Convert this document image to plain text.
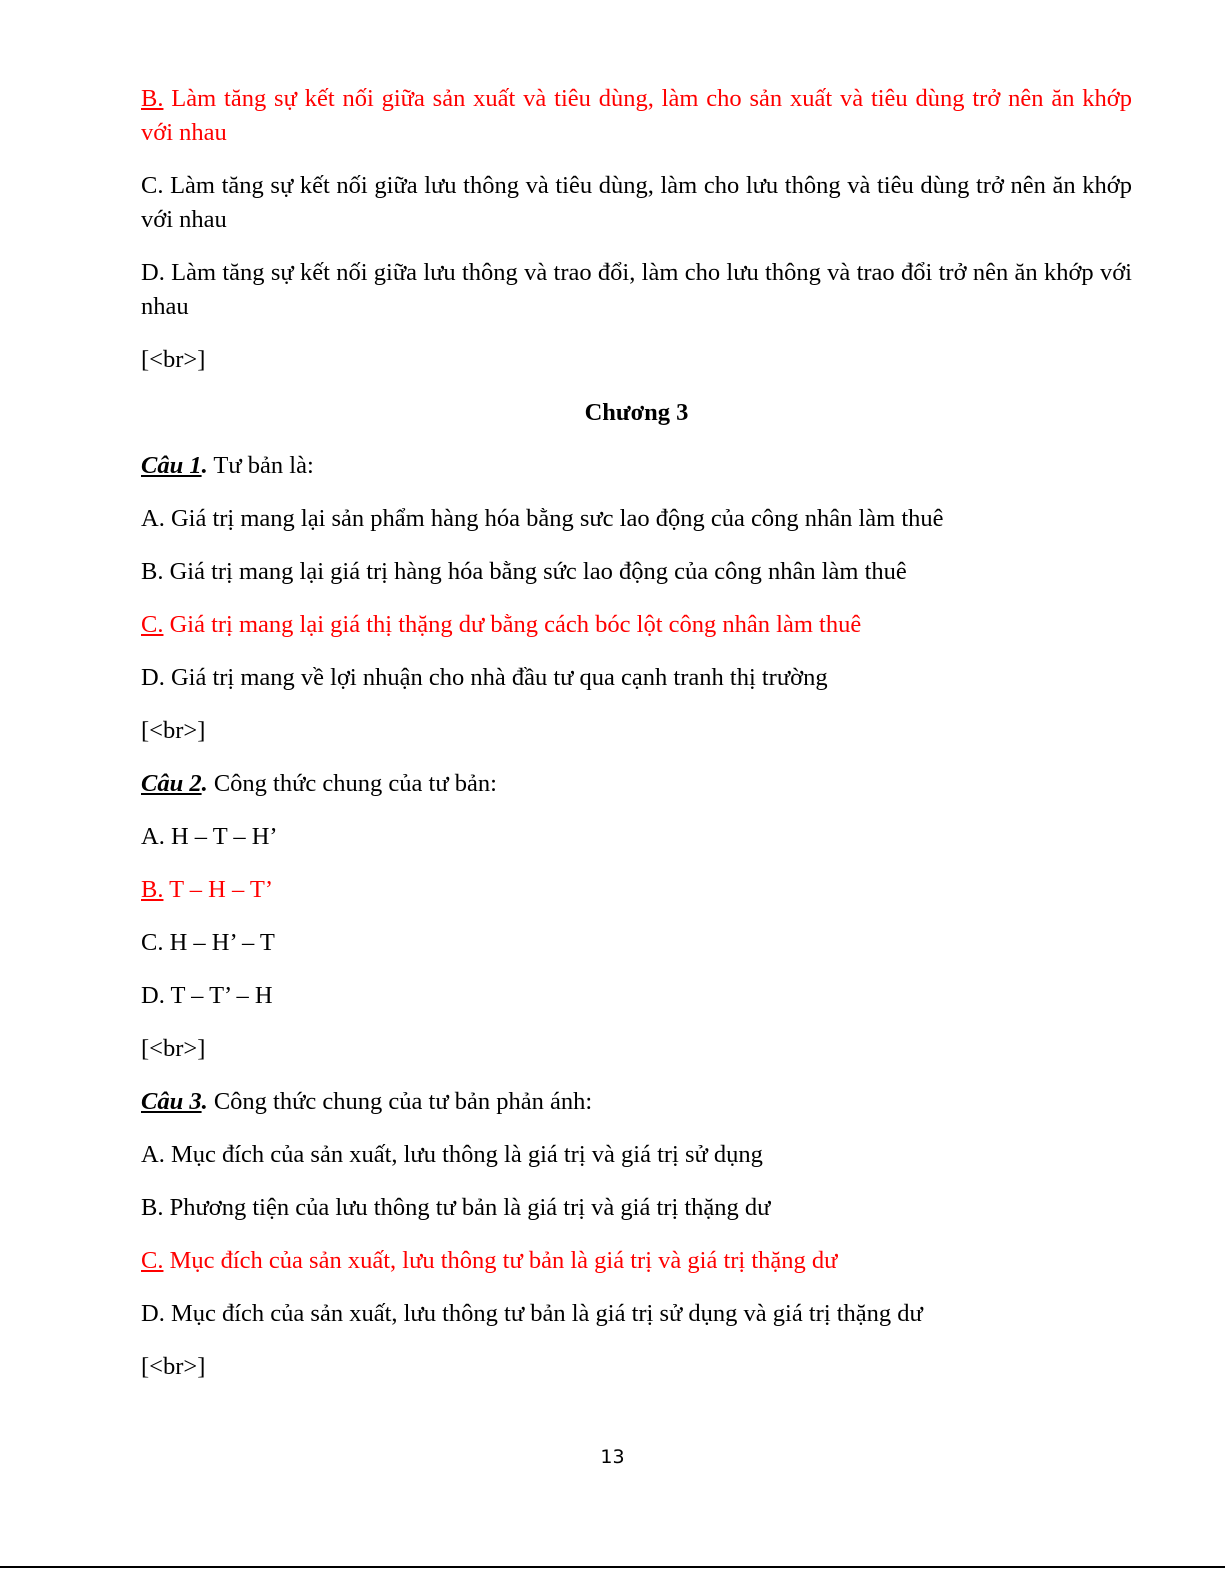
B. Làm tăng sự kết nối giữa sản xuất và tiêu dùng, làm cho sản xuất và tiêu dùng trở nên ăn khớp với nhau

C. Làm tăng sự kết nối giữa lưu thông và tiêu dùng, làm cho lưu thông và tiêu dùng trở nên ăn khớp với nhau

D. Làm tăng sự kết nối giữa lưu thông và trao đổi, làm cho lưu thông và trao đổi trở nên ăn khớp với nhau

[<br>]

Chương 3

Câu 1. Tư bản là:

A. Giá trị mang lại sản phẩm hàng hóa bằng sưc lao động của công nhân làm thuê

B. Giá trị mang lại giá trị hàng hóa bằng sức lao động của công nhân làm thuê

C. Giá trị mang lại giá thị thặng dư bằng cách bóc lột công nhân làm thuê

D. Giá trị mang về lợi nhuận cho nhà đầu tư qua cạnh tranh thị trường

[<br>]

Câu 2. Công thức chung của tư bản:

A. H – T – H’

B. T – H – T’

C. H – H’ – T

D. T – T’ – H

[<br>]

Câu 3. Công thức chung của tư bản phản ánh:

A. Mục đích của sản xuất, lưu thông là giá trị và giá trị sử dụng

B. Phương tiện của lưu thông tư bản là giá trị và giá trị thặng dư

C. Mục đích của sản xuất, lưu thông tư bản là giá trị và giá trị thặng dư

D. Mục đích của sản xuất, lưu thông tư bản là giá trị sử dụng và giá trị thặng dư

[<br>]

13
